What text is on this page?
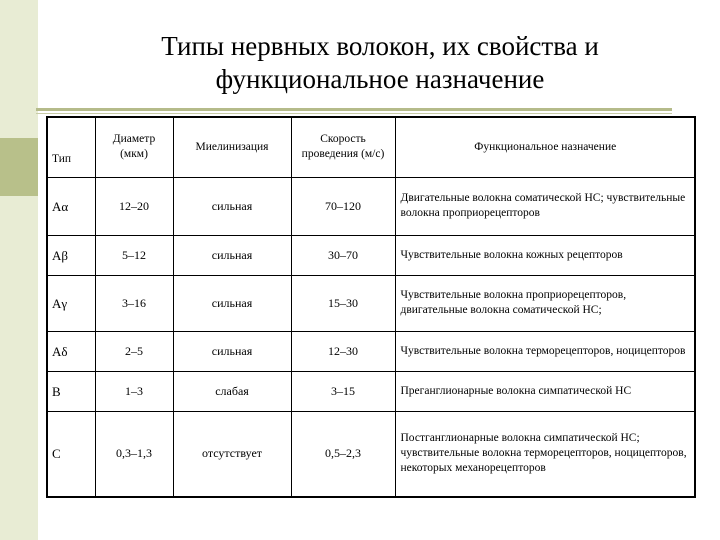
Типы нервных волокон, их свойства и
функциональное назначение
Тип	Диаметр (мкм)	Миелинизация	Скорость проведения (м/с)	Функциональное назначение
Aα	12–20	сильная	70–120	Двигательные волокна соматической НС; чувствительные волокна проприорецепторов
Aβ	5–12	сильная	30–70	Чувствительные волокна кожных рецепторов
Aγ	3–16	сильная	15–30	Чувствительные волокна проприорецепторов, двигательные волокна соматической НС;
Aδ	2–5	сильная	12–30	Чувствительные волокна терморецепторов, ноцицепторов
B	1–3	слабая	3–15	Преганглионарные волокна симпатической НС
C	0,3–1,3	отсутствует	0,5–2,3	Постганглионарные волокна симпатической НС; чувствительные волокна терморецепторов, ноцицепторов, некоторых механорецепторов
